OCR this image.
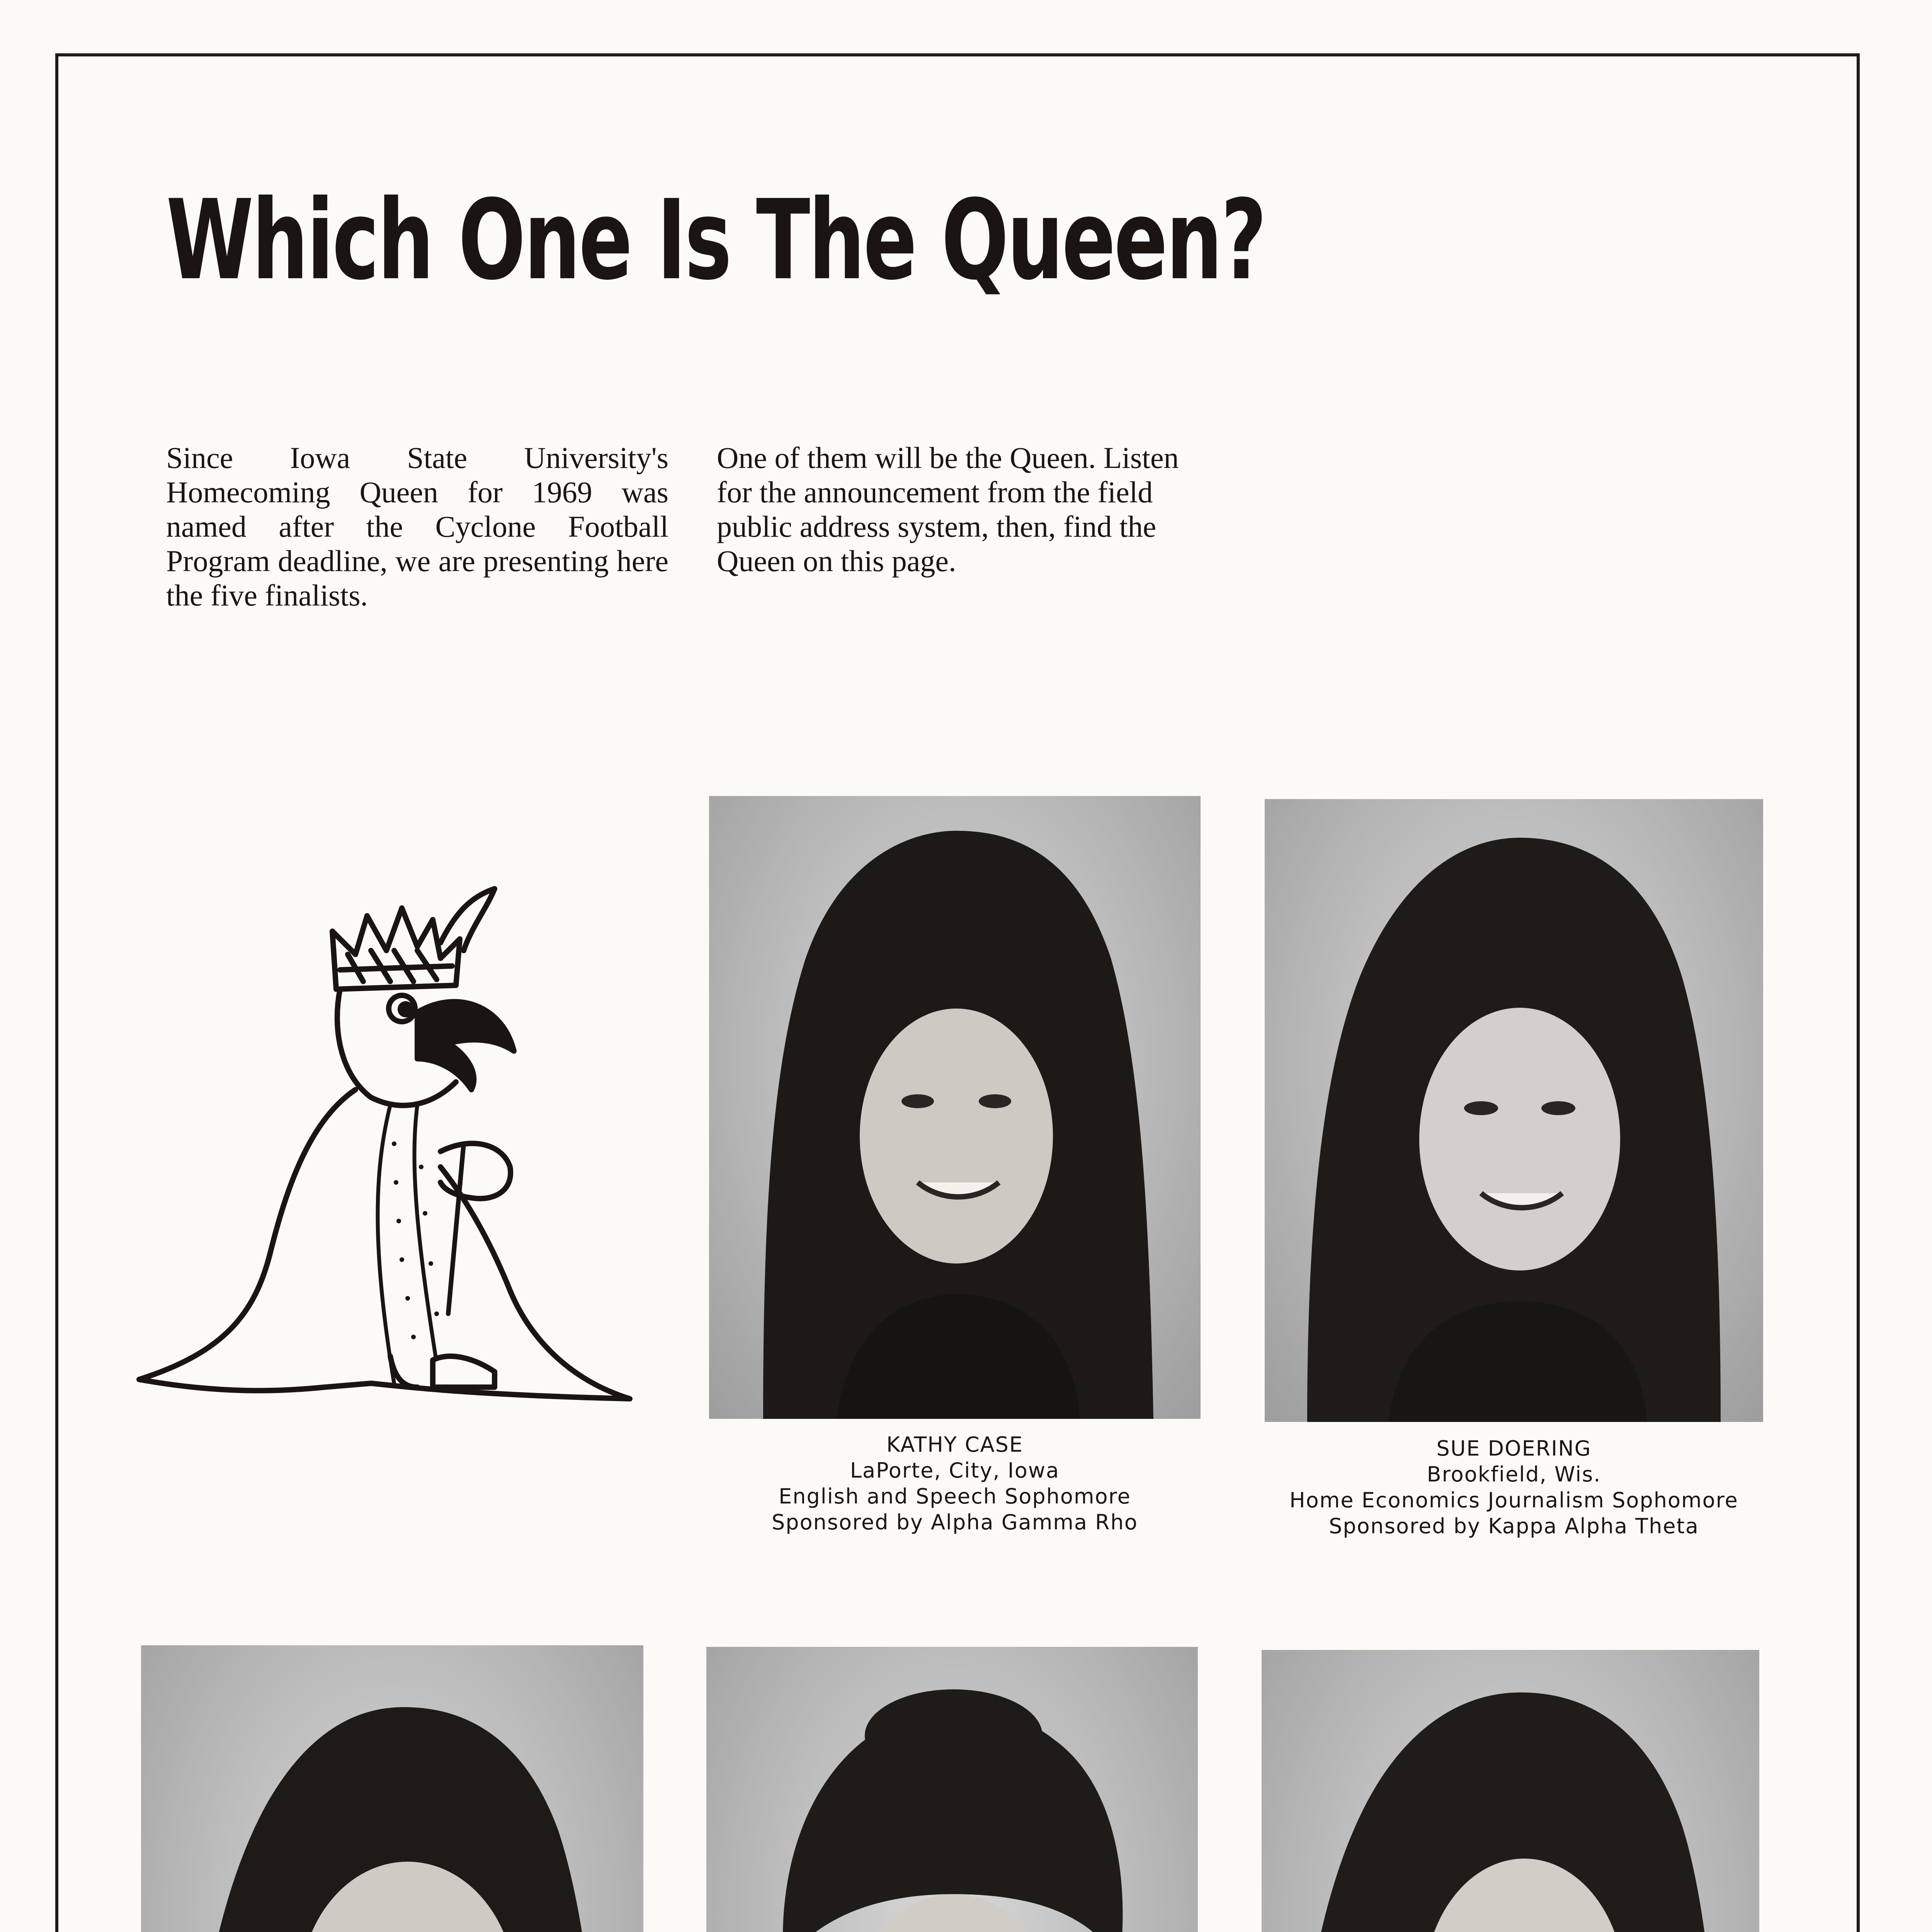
Which One Is The Queen?

Since Iowa State University's Homecoming Queen for 1969 was named after the Cyclone Football Program deadline, we are presenting here the five finalists.

One of them will be the Queen. Listen for the announcement from the field public address system, then, find the Queen on this page.

KATHY CASE
LaPorte, City, Iowa
English and Speech Sophomore
Sponsored by Alpha Gamma Rho
SUE DOERING
Brookfield, Wis.
Home Economics Journalism Sophomore
Sponsored by Kappa Alpha Theta
